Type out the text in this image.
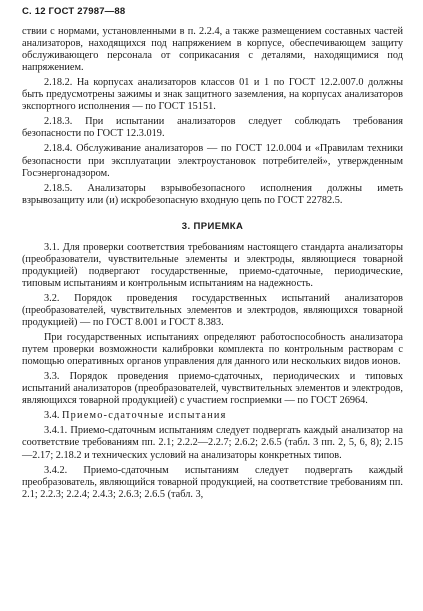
С. 12 ГОСТ 27987—88

ствии с нормами, установленными в п. 2.2.4, а также размещением составных частей анализаторов, находящихся под напряжением в корпусе, обеспечивающем защиту обслуживающего персонала от соприкасания с деталями, находящимися под напряжением.

2.18.2. На корпусах анализаторов классов 01 и 1 по ГОСТ 12.2.007.0 должны быть предусмотрены зажимы и знак защитного заземления, на корпусах анализаторов экспортного исполнения — по ГОСТ 15151.

2.18.3. При испытании анализаторов следует соблюдать требования безопасности по ГОСТ 12.3.019.

2.18.4. Обслуживание анализаторов — по ГОСТ 12.0.004 и «Правилам техники безопасности при эксплуатации электроустановок потребителей», утвержденным Госэнергонадзором.

2.18.5. Анализаторы взрывобезопасного исполнения должны иметь взрывозащиту или (и) искробезопасную входную цепь по ГОСТ 22782.5.

3. ПРИЕМКА

3.1. Для проверки соответствия требованиям настоящего стандарта анализаторы (преобразователи, чувствительные элементы и электроды, являющиеся товарной продукцией) подвергают государственные, приемо-сдаточные, периодические, типовым испытаниям и контрольным испытаниям на надежность.

3.2. Порядок проведения государственных испытаний анализаторов (преобразователей, чувствительных элементов и электродов, являющихся товарной продукцией) — по ГОСТ 8.001 и ГОСТ 8.383.

При государственных испытаниях определяют работоспособность анализатора путем проверки возможности калибровки комплекта по контрольным растворам с помощью оперативных органов управления для данного или нескольких видов ионов.

3.3. Порядок проведения приемо-сдаточных, периодических и типовых испытаний анализаторов (преобразователей, чувствительных элементов и электродов, являющихся товарной продукцией) с участием госприемки — по ГОСТ 26964.

3.4. Приемо-сдаточные испытания

3.4.1. Приемо-сдаточным испытаниям следует подвергать каждый анализатор на соответствие требованиям пп. 2.1; 2.2.2—2.2.7; 2.6.2; 2.6.5 (табл. 3 пп. 2, 5, 6, 8); 2.15—2.17; 2.18.2 и технических условий на анализаторы конкретных типов.

3.4.2. Приемо-сдаточным испытаниям следует подвергать каждый преобразователь, являющийся товарной продукцией, на соответствие требованиям пп. 2.1; 2.2.3; 2.2.4; 2.4.3; 2.6.3; 2.6.5 (табл. 3,
